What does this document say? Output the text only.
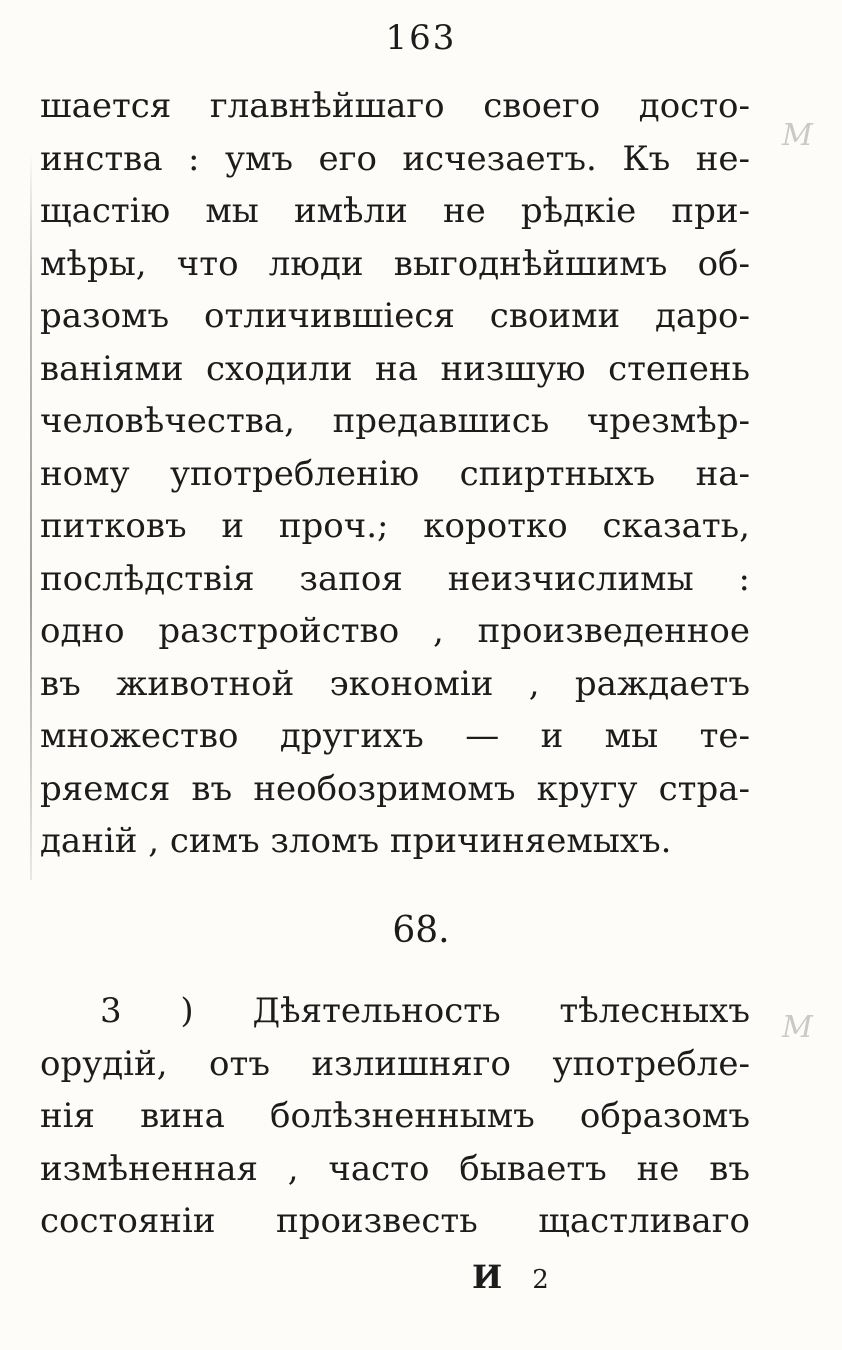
М
М
163
шается главнѣйшаго своего досто-
инства : умъ его исчезаетъ. Къ не-
щастію мы имѣли не рѣдкіе при-
мѣры, что люди выгоднѣйшимъ об-
разомъ отличившіеся своими даро-
ваніями сходили на низшую степень
человѣчества, предавшись чрезмѣр-
ному употребленію спиртныхъ на-
питковъ и проч.; коротко сказать,
послѣдствія запоя неизчислимы :
одно разстройство , произведенное
въ животной экономіи , раждаетъ
множество другихъ — и мы те-
ряемся въ необозримомъ кругу стра-
даній , симъ зломъ причиняемыхъ.
68.
3 ) Дѣятельность тѣлесныхъ
орудій, отъ излишняго употребле-
нія вина болѣзненнымъ образомъ
измѣненная , часто бываетъ не въ
состояніи произвесть щастливаго
И 2
